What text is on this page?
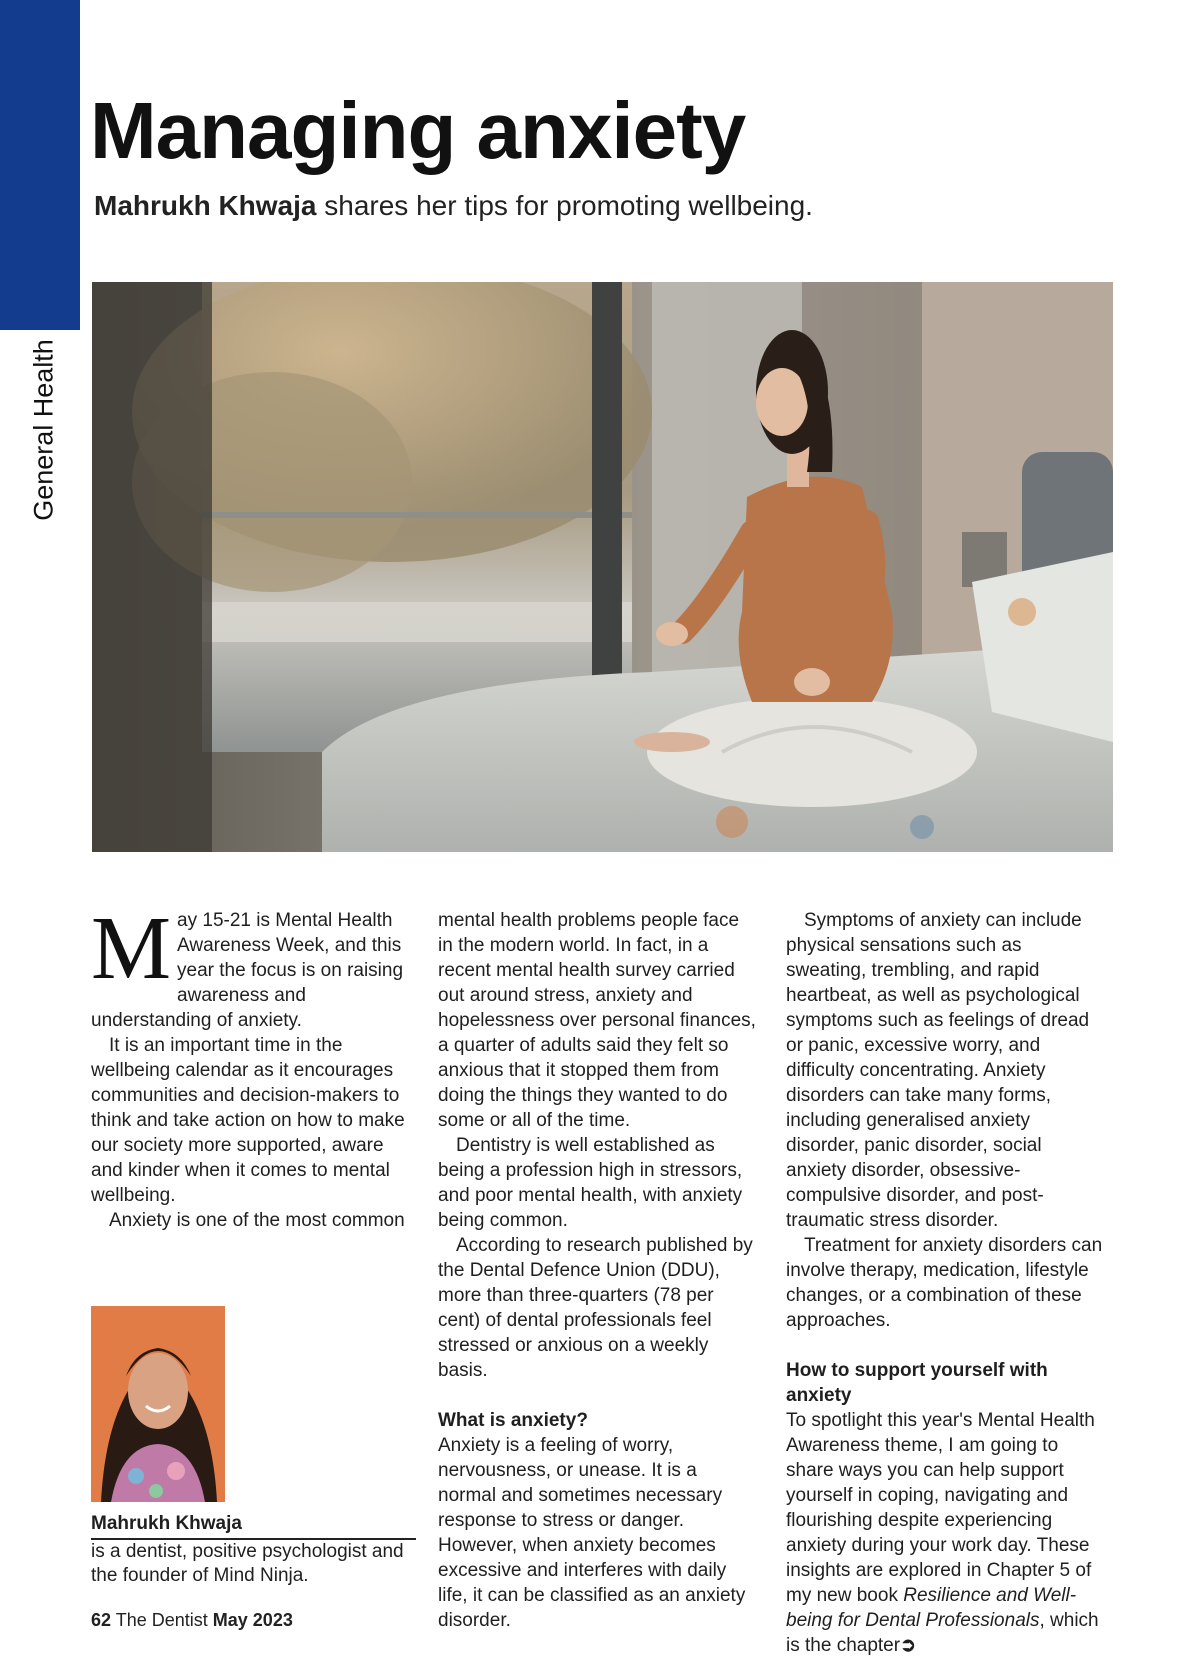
General Health
Managing anxiety

Mahrukh Khwaja shares her tips for promoting wellbeing.

May 15-21 is Mental Health Awareness Week, and this year the focus is on raising awareness and understanding of anxiety.

It is an important time in the wellbeing calendar as it encourages communities and decision-makers to think and take action on how to make our society more supported, aware and kinder when it comes to mental wellbeing.

Anxiety is one of the most common

Mahrukh Khwaja
is a dentist, positive psychologist and the founder of Mind Ninja.

mental health problems people face in the modern world. In fact, in a recent mental health survey carried out around stress, anxiety and hopelessness over personal finances, a quarter of adults said they felt so anxious that it stopped them from doing the things they wanted to do some or all of the time.

Dentistry is well established as being a profession high in stressors, and poor mental health, with anxiety being common.

According to research published by the Dental Defence Union (DDU), more than three-quarters (78 per cent) of dental professionals feel stressed or anxious on a weekly basis.

What is anxiety?

Anxiety is a feeling of worry, nervousness, or unease. It is a normal and sometimes necessary response to stress or danger. However, when anxiety becomes excessive and interferes with daily life, it can be classified as an anxiety disorder.

Symptoms of anxiety can include physical sensations such as sweating, trembling, and rapid heartbeat, as well as psychological symptoms such as feelings of dread or panic, excessive worry, and difficulty concentrating. Anxiety disorders can take many forms, including generalised anxiety disorder, panic disorder, social anxiety disorder, obsessive-compulsive disorder, and post-traumatic stress disorder.

Treatment for anxiety disorders can involve therapy, medication, lifestyle changes, or a combination of these approaches.

How to support yourself with anxiety

To spotlight this year's Mental Health Awareness theme, I am going to share ways you can help support yourself in coping, navigating and flourishing despite experiencing anxiety during your work day. These insights are explored in Chapter 5 of my new book Resilience and Well-being for Dental Professionals, which is the chapter➲

62 The Dentist May 2023
